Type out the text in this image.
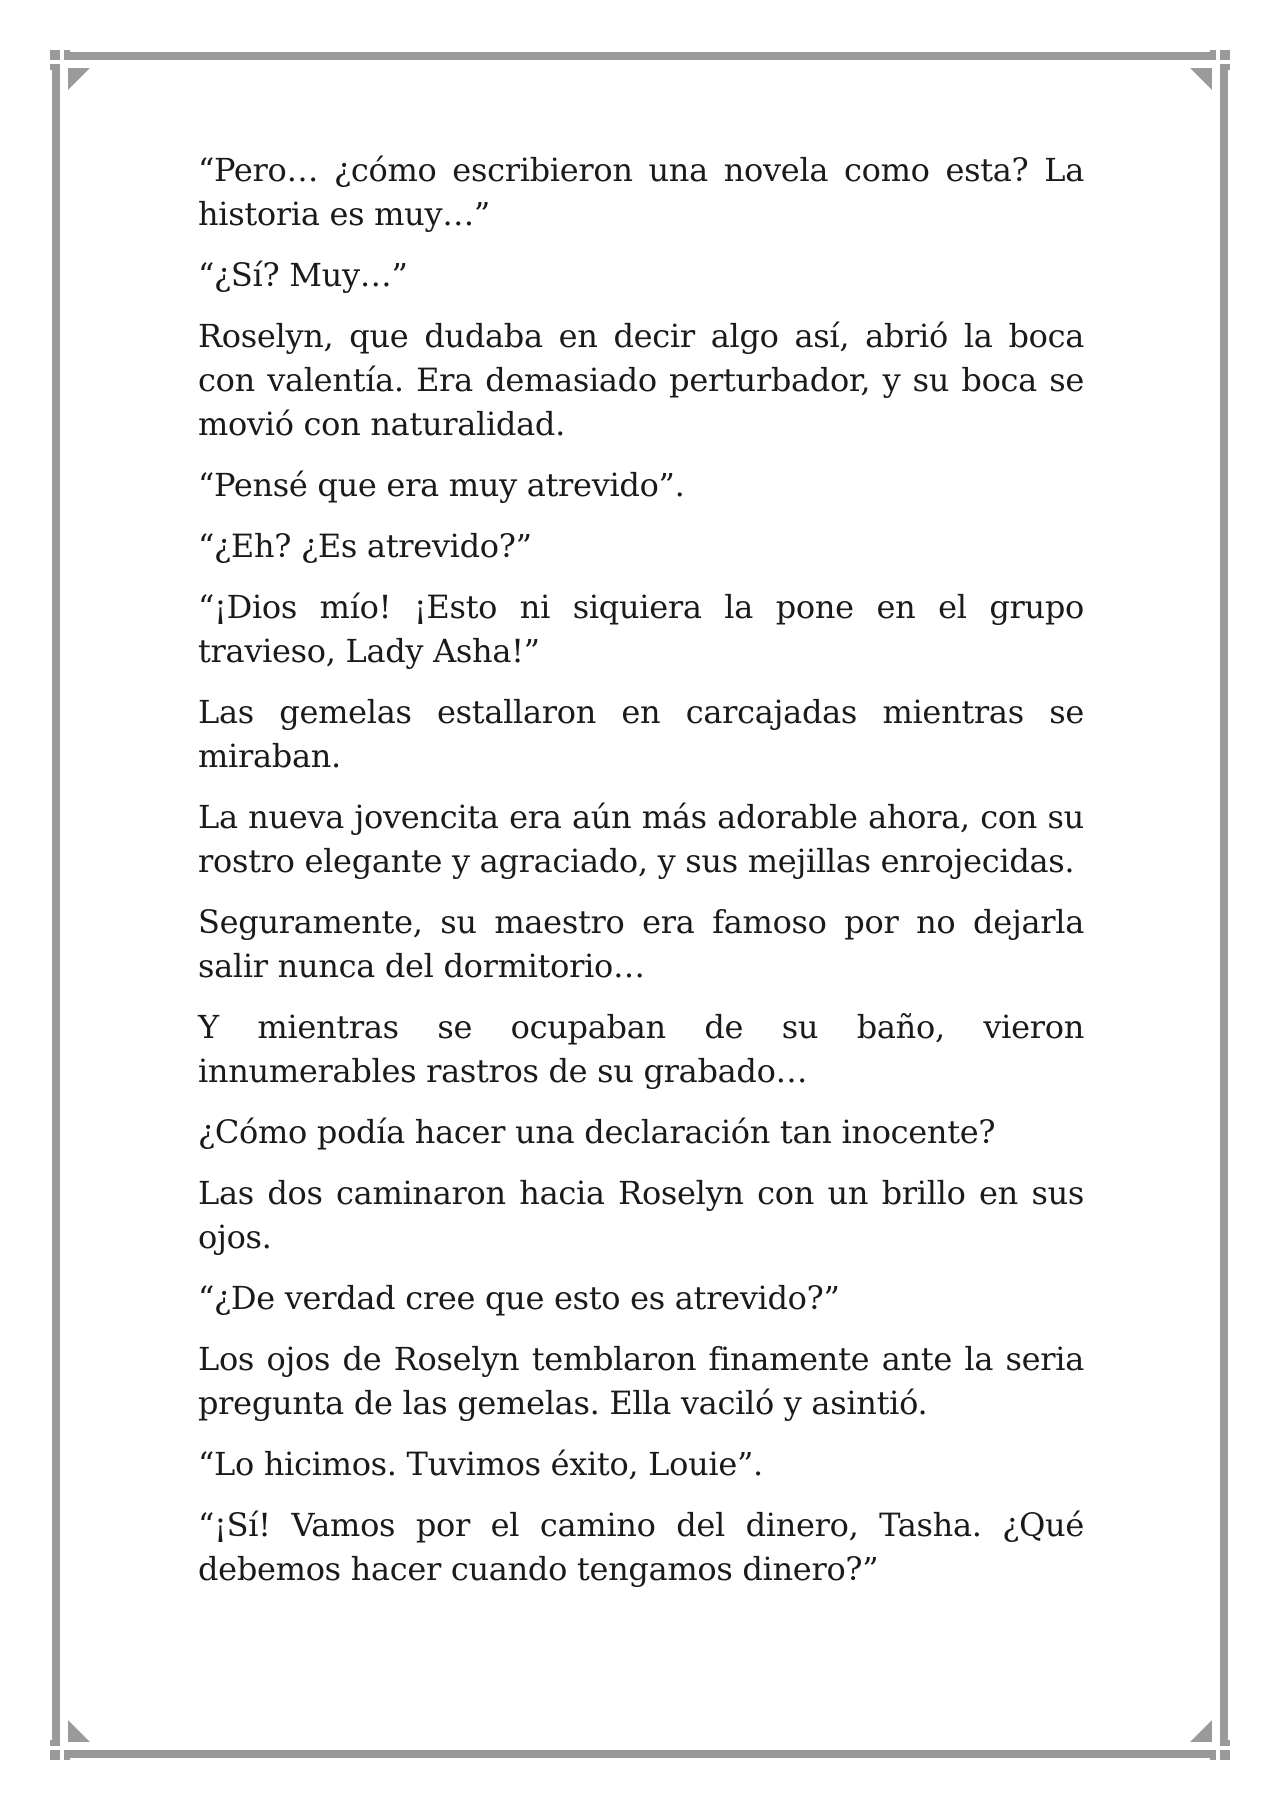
“Pero… ¿cómo escribieron una novela como esta? La historia es muy…”

“¿Sí? Muy…”

Roselyn, que dudaba en decir algo así, abrió la boca con valentía. Era demasiado perturbador, y su boca se movió con naturalidad.

“Pensé que era muy atrevido”.

“¿Eh? ¿Es atrevido?”

“¡Dios mío! ¡Esto ni siquiera la pone en el grupo travieso, Lady Asha!”

Las gemelas estallaron en carcajadas mientras se miraban.

La nueva jovencita era aún más adorable ahora, con su rostro elegante y agraciado, y sus mejillas enrojecidas.

Seguramente, su maestro era famoso por no dejarla salir nunca del dormitorio…

Y mientras se ocupaban de su baño, vieron innumerables rastros de su grabado…

¿Cómo podía hacer una declaración tan inocente?

Las dos caminaron hacia Roselyn con un brillo en sus ojos.

“¿De verdad cree que esto es atrevido?”

Los ojos de Roselyn temblaron finamente ante la seria pregunta de las gemelas. Ella vaciló y asintió.

“Lo hicimos. Tuvimos éxito, Louie”.

“¡Sí! Vamos por el camino del dinero, Tasha. ¿Qué debemos hacer cuando tengamos dinero?”
